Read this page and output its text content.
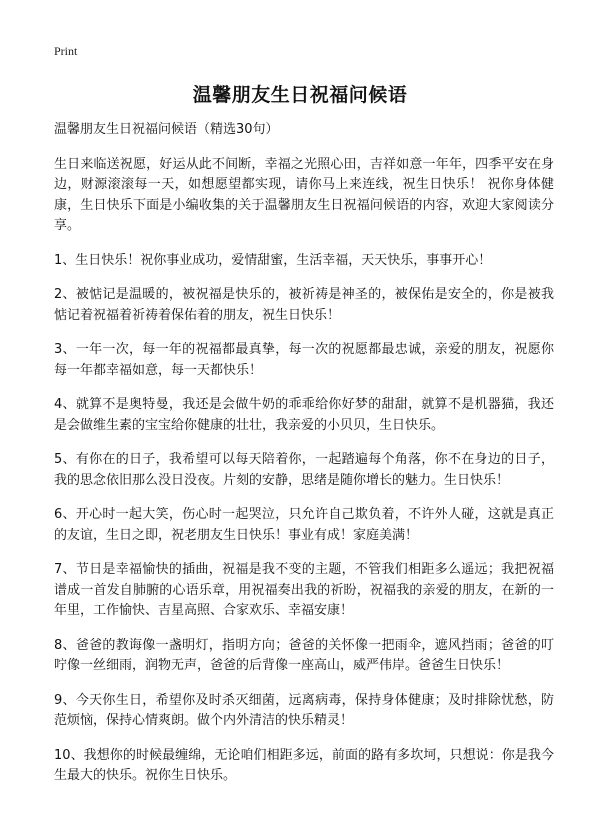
Print
温馨朋友生日祝福问候语
温馨朋友生日祝福问候语（精选30句）
生日来临送祝愿，好运从此不间断，幸福之光照心田，吉祥如意一年年，四季平安在身边，财源滚滚每一天，如想愿望都实现，请你马上来连线，祝生日快乐！ 祝你身体健康，生日快乐下面是小编收集的关于温馨朋友生日祝福问候语的内容，欢迎大家阅读分享。
1、生日快乐！祝你事业成功，爱情甜蜜，生活幸福，天天快乐，事事开心！
2、被惦记是温暖的，被祝福是快乐的，被祈祷是神圣的，被保佑是安全的，你是被我惦记着祝福着祈祷着保佑着的朋友，祝生日快乐！
3、一年一次，每一年的祝福都最真挚，每一次的祝愿都最忠诚，亲爱的朋友，祝愿你每一年都幸福如意，每一天都快乐！
4、就算不是奥特曼，我还是会做牛奶的乖乖给你好梦的甜甜，就算不是机器猫，我还是会做维生素的宝宝给你健康的壮壮，我亲爱的小贝贝，生日快乐。
5、有你在的日子，我希望可以每天陪着你，一起踏遍每个角落，你不在身边的日子，我的思念依旧那么没日没夜。片刻的安静，思绪是随你增长的魅力。生日快乐！
6、开心时一起大笑，伤心时一起哭泣，只允许自己欺负着，不许外人碰，这就是真正的友谊，生日之即，祝老朋友生日快乐！事业有成！家庭美满！
7、节日是幸福愉快的插曲，祝福是我不变的主题，不管我们相距多么遥远；我把祝福谱成一首发自肺腑的心语乐章，用祝福奏出我的祈盼，祝福我的亲爱的朋友，在新的一年里，工作愉快、吉星高照、合家欢乐、幸福安康！
8、爸爸的教诲像一盏明灯，指明方向；爸爸的关怀像一把雨伞，遮风挡雨；爸爸的叮咛像一丝细雨，润物无声，爸爸的后背像一座高山，威严伟岸。爸爸生日快乐！
9、今天你生日，希望你及时杀灭细菌，远离病毒，保持身体健康；及时排除忧愁，防范烦恼，保持心情爽朗。做个内外清洁的快乐精灵！
10、我想你的时候最缠绵，无论咱们相距多远，前面的路有多坎坷，只想说：你是我今生最大的快乐。祝你生日快乐。
